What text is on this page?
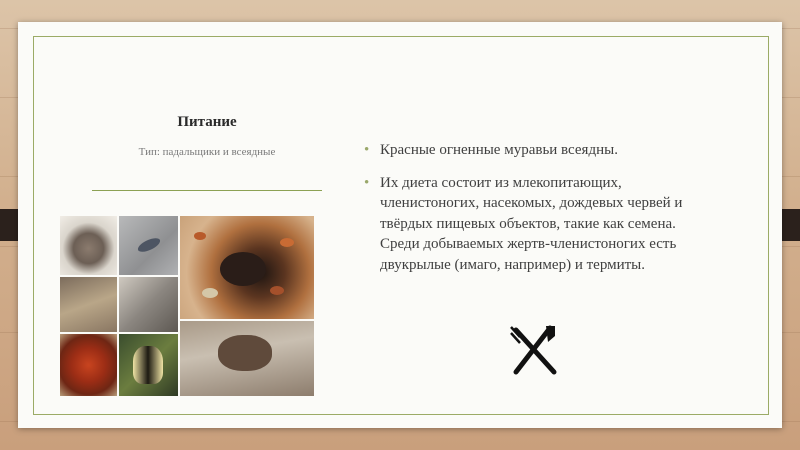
Питание
Тип: падальщики и всеядные
•	Красные огненные муравьи всеядны.
• Их диета состоит из млекопитающих, членистоногих, насекомых, дождевых червей и твёрдых пищевых объектов, такие как семена. Среди добываемых жертв-членистоногих есть двукрылые (имаго, например) и термиты.
